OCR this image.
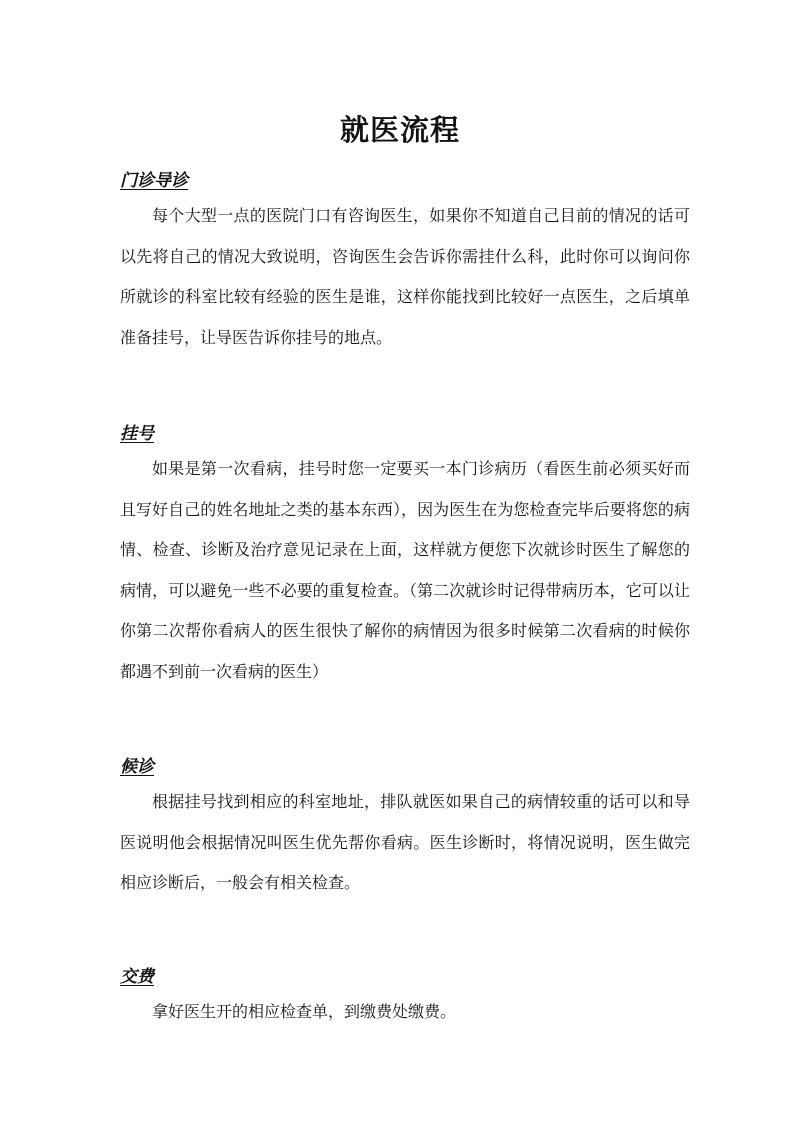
就医流程
门诊导诊

每个大型一点的医院门口有咨询医生，如果你不知道自己目前的情况的话可以先将自己的情况大致说明，咨询医生会告诉你需挂什么科，此时你可以询问你所就诊的科室比较有经验的医生是谁，这样你能找到比较好一点医生，之后填单准备挂号，让导医告诉你挂号的地点。

挂号

如果是第一次看病，挂号时您一定要买一本门诊病历（看医生前必须买好而且写好自己的姓名地址之类的基本东西），因为医生在为您检查完毕后要将您的病情、检查、诊断及治疗意见记录在上面，这样就方便您下次就诊时医生了解您的病情，可以避免一些不必要的重复检查。（第二次就诊时记得带病历本，它可以让你第二次帮你看病人的医生很快了解你的病情因为很多时候第二次看病的时候你都遇不到前一次看病的医生）

候诊

根据挂号找到相应的科室地址，排队就医如果自己的病情较重的话可以和导医说明他会根据情况叫医生优先帮你看病。医生诊断时，将情况说明，医生做完相应诊断后，一般会有相关检查。

交费

拿好医生开的相应检查单，到缴费处缴费。
